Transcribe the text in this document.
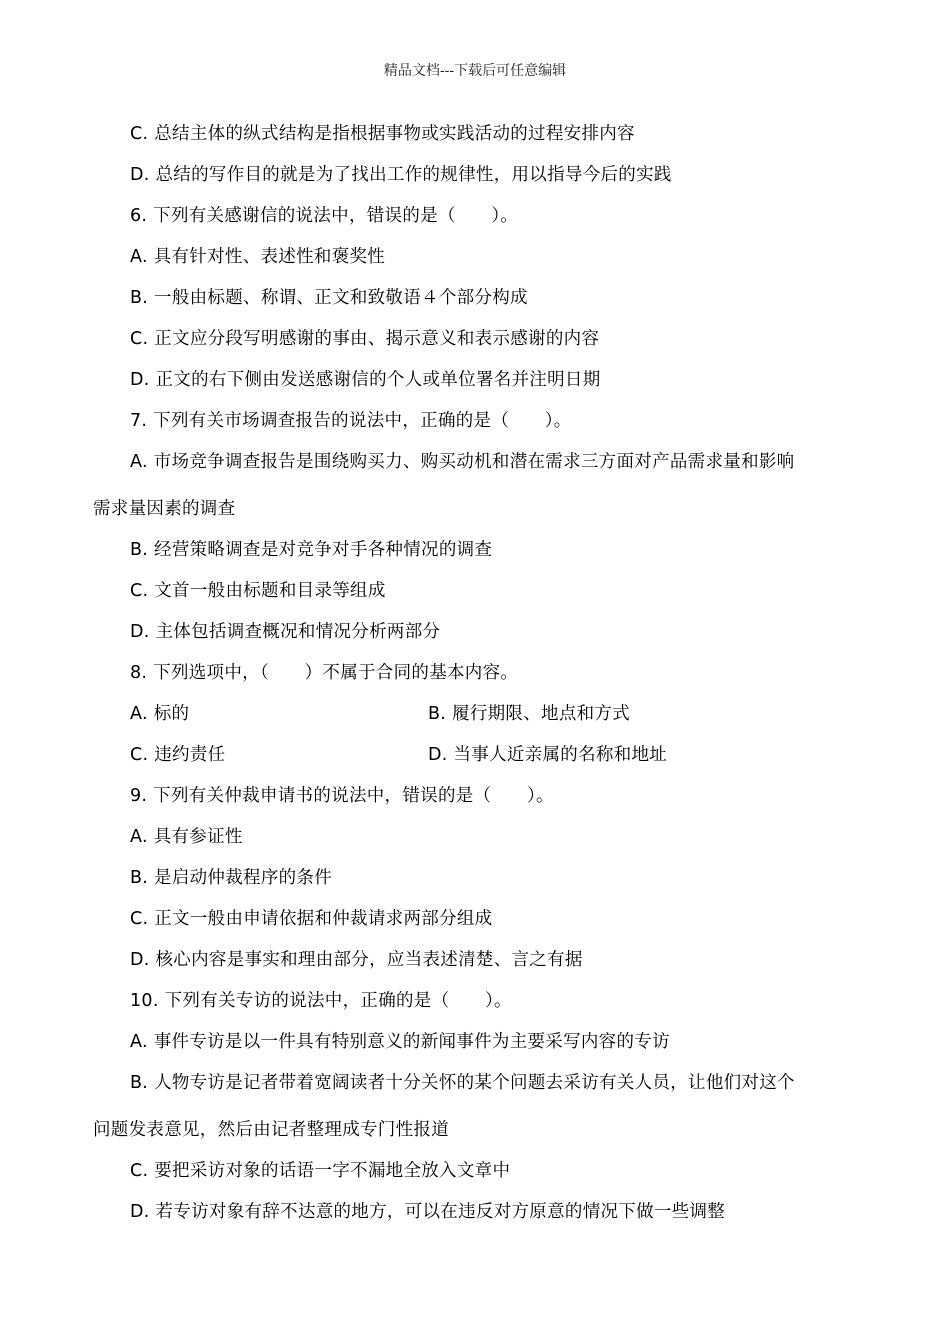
精品文档---下载后可任意编辑
C. 总结主体的纵式结构是指根据事物或实践活动的过程安排内容
D. 总结的写作目的就是为了找出工作的规律性，用以指导今后的实践
6. 下列有关感谢信的说法中，错误的是（　　）。
A. 具有针对性、表述性和褒奖性
B. 一般由标题、称谓、正文和致敬语４个部分构成
C. 正文应分段写明感谢的事由、揭示意义和表示感谢的内容
D. 正文的右下侧由发送感谢信的个人或单位署名并注明日期
7. 下列有关市场调查报告的说法中，正确的是（　　）。
A. 市场竞争调查报告是围绕购买力、购买动机和潜在需求三方面对产品需求量和影响
需求量因素的调查
B. 经营策略调查是对竞争对手各种情况的调查
C. 文首一般由标题和目录等组成
D. 主体包括调查概况和情况分析两部分
8. 下列选项中，（　　）不属于合同的基本内容。
A. 标的	B. 履行期限、地点和方式
C. 违约责任	D. 当事人近亲属的名称和地址
9. 下列有关仲裁申请书的说法中，错误的是（　　）。
A. 具有参证性
B. 是启动仲裁程序的条件
C. 正文一般由申请依据和仲裁请求两部分组成
D. 核心内容是事实和理由部分，应当表述清楚、言之有据
10. 下列有关专访的说法中，正确的是（　　）。
A. 事件专访是以一件具有特别意义的新闻事件为主要采写内容的专访
B. 人物专访是记者带着宽阔读者十分关怀的某个问题去采访有关人员，让他们对这个
问题发表意见，然后由记者整理成专门性报道
C. 要把采访对象的话语一字不漏地全放入文章中
D. 若专访对象有辞不达意的地方，可以在违反对方原意的情况下做一些调整
